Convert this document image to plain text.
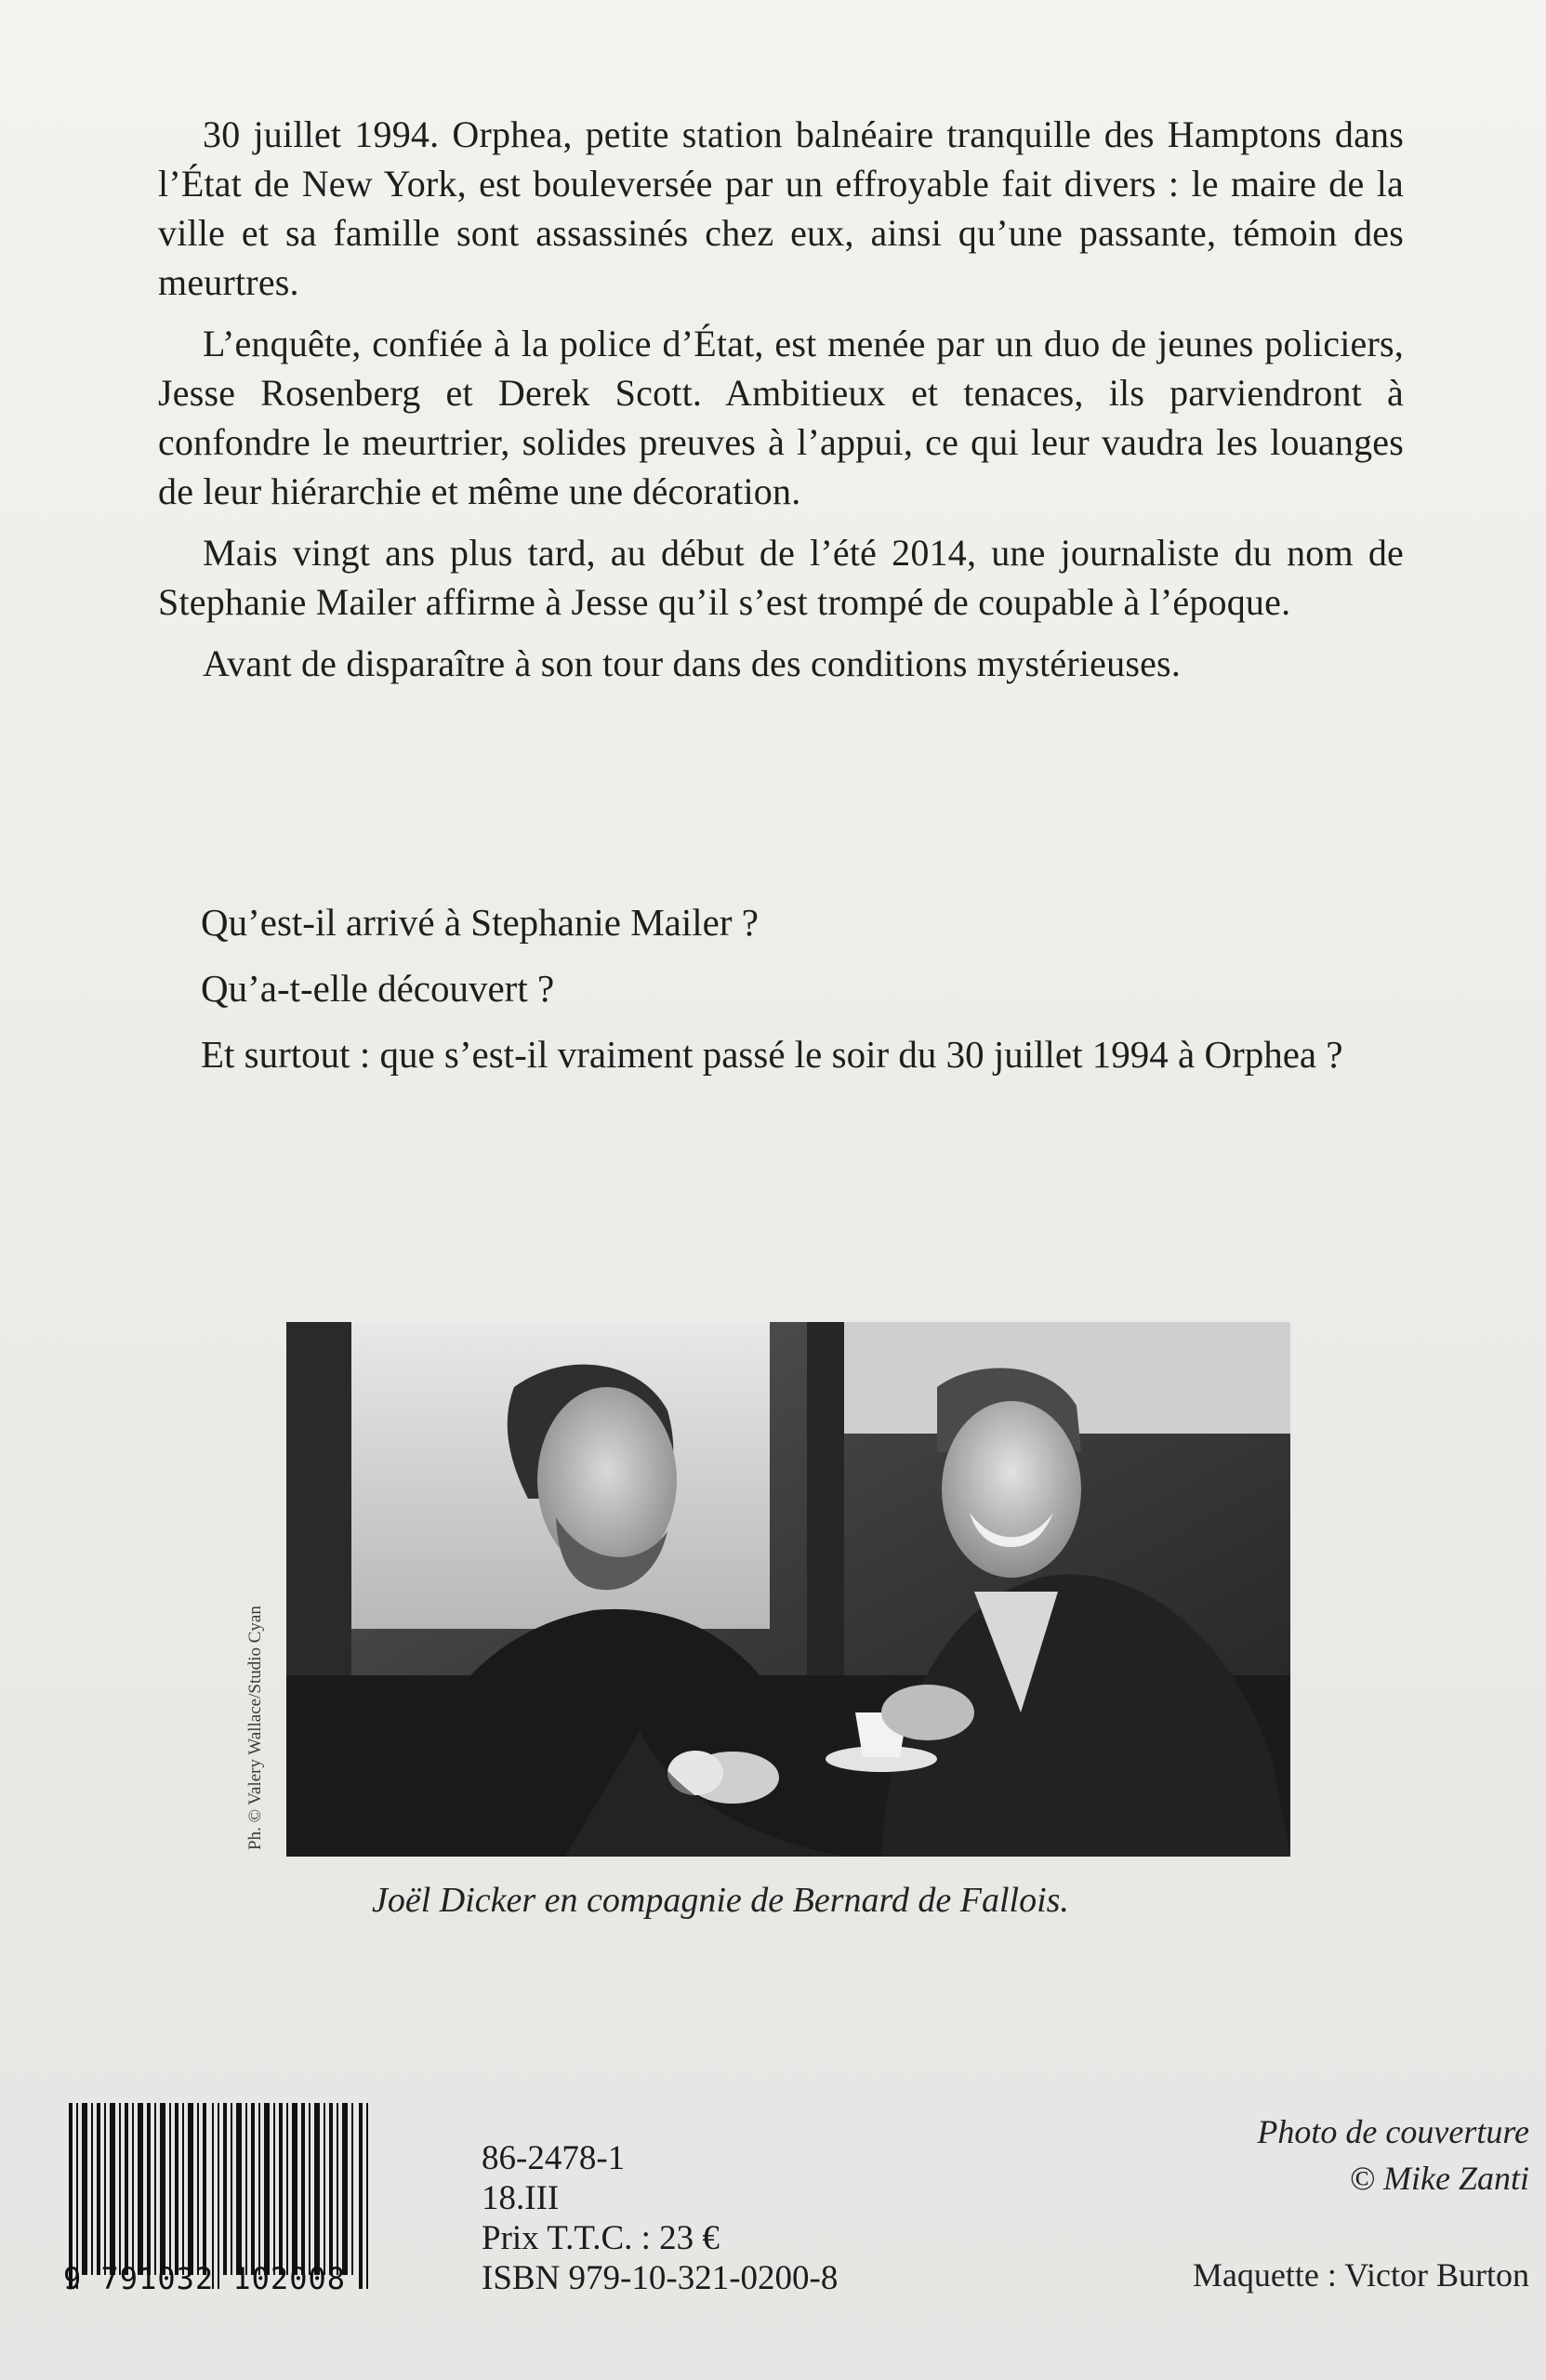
30 juillet 1994. Orphea, petite station balnéaire tranquille des Hamptons dans l’État de New York, est bouleversée par un effroyable fait divers : le maire de la ville et sa famille sont assassinés chez eux, ainsi qu’une passante, témoin des meurtres.

L’enquête, confiée à la police d’État, est menée par un duo de jeunes policiers, Jesse Rosenberg et Derek Scott. Ambitieux et tenaces, ils parviendront à confondre le meurtrier, solides preuves à l’appui, ce qui leur vaudra les louanges de leur hiérarchie et même une décoration.

Mais vingt ans plus tard, au début de l’été 2014, une journaliste du nom de Stephanie Mailer affirme à Jesse qu’il s’est trompé de coupable à l’époque.

Avant de disparaître à son tour dans des conditions mystérieuses.

Qu’est-il arrivé à Stephanie Mailer ?

Qu’a-t-elle découvert ?

Et surtout : que s’est-il vraiment passé le soir du 30 juillet 1994 à Orphea ?

Ph. © Valery Wallace/Studio Cyan
Joël Dicker en compagnie de Bernard de Fallois.
9 791032 102008
86-2478-1
18.III
Prix T.T.C. : 23 €
ISBN 979-10-321-0200-8
Photo de couverture
© Mike Zanti
Maquette : Victor Burton
